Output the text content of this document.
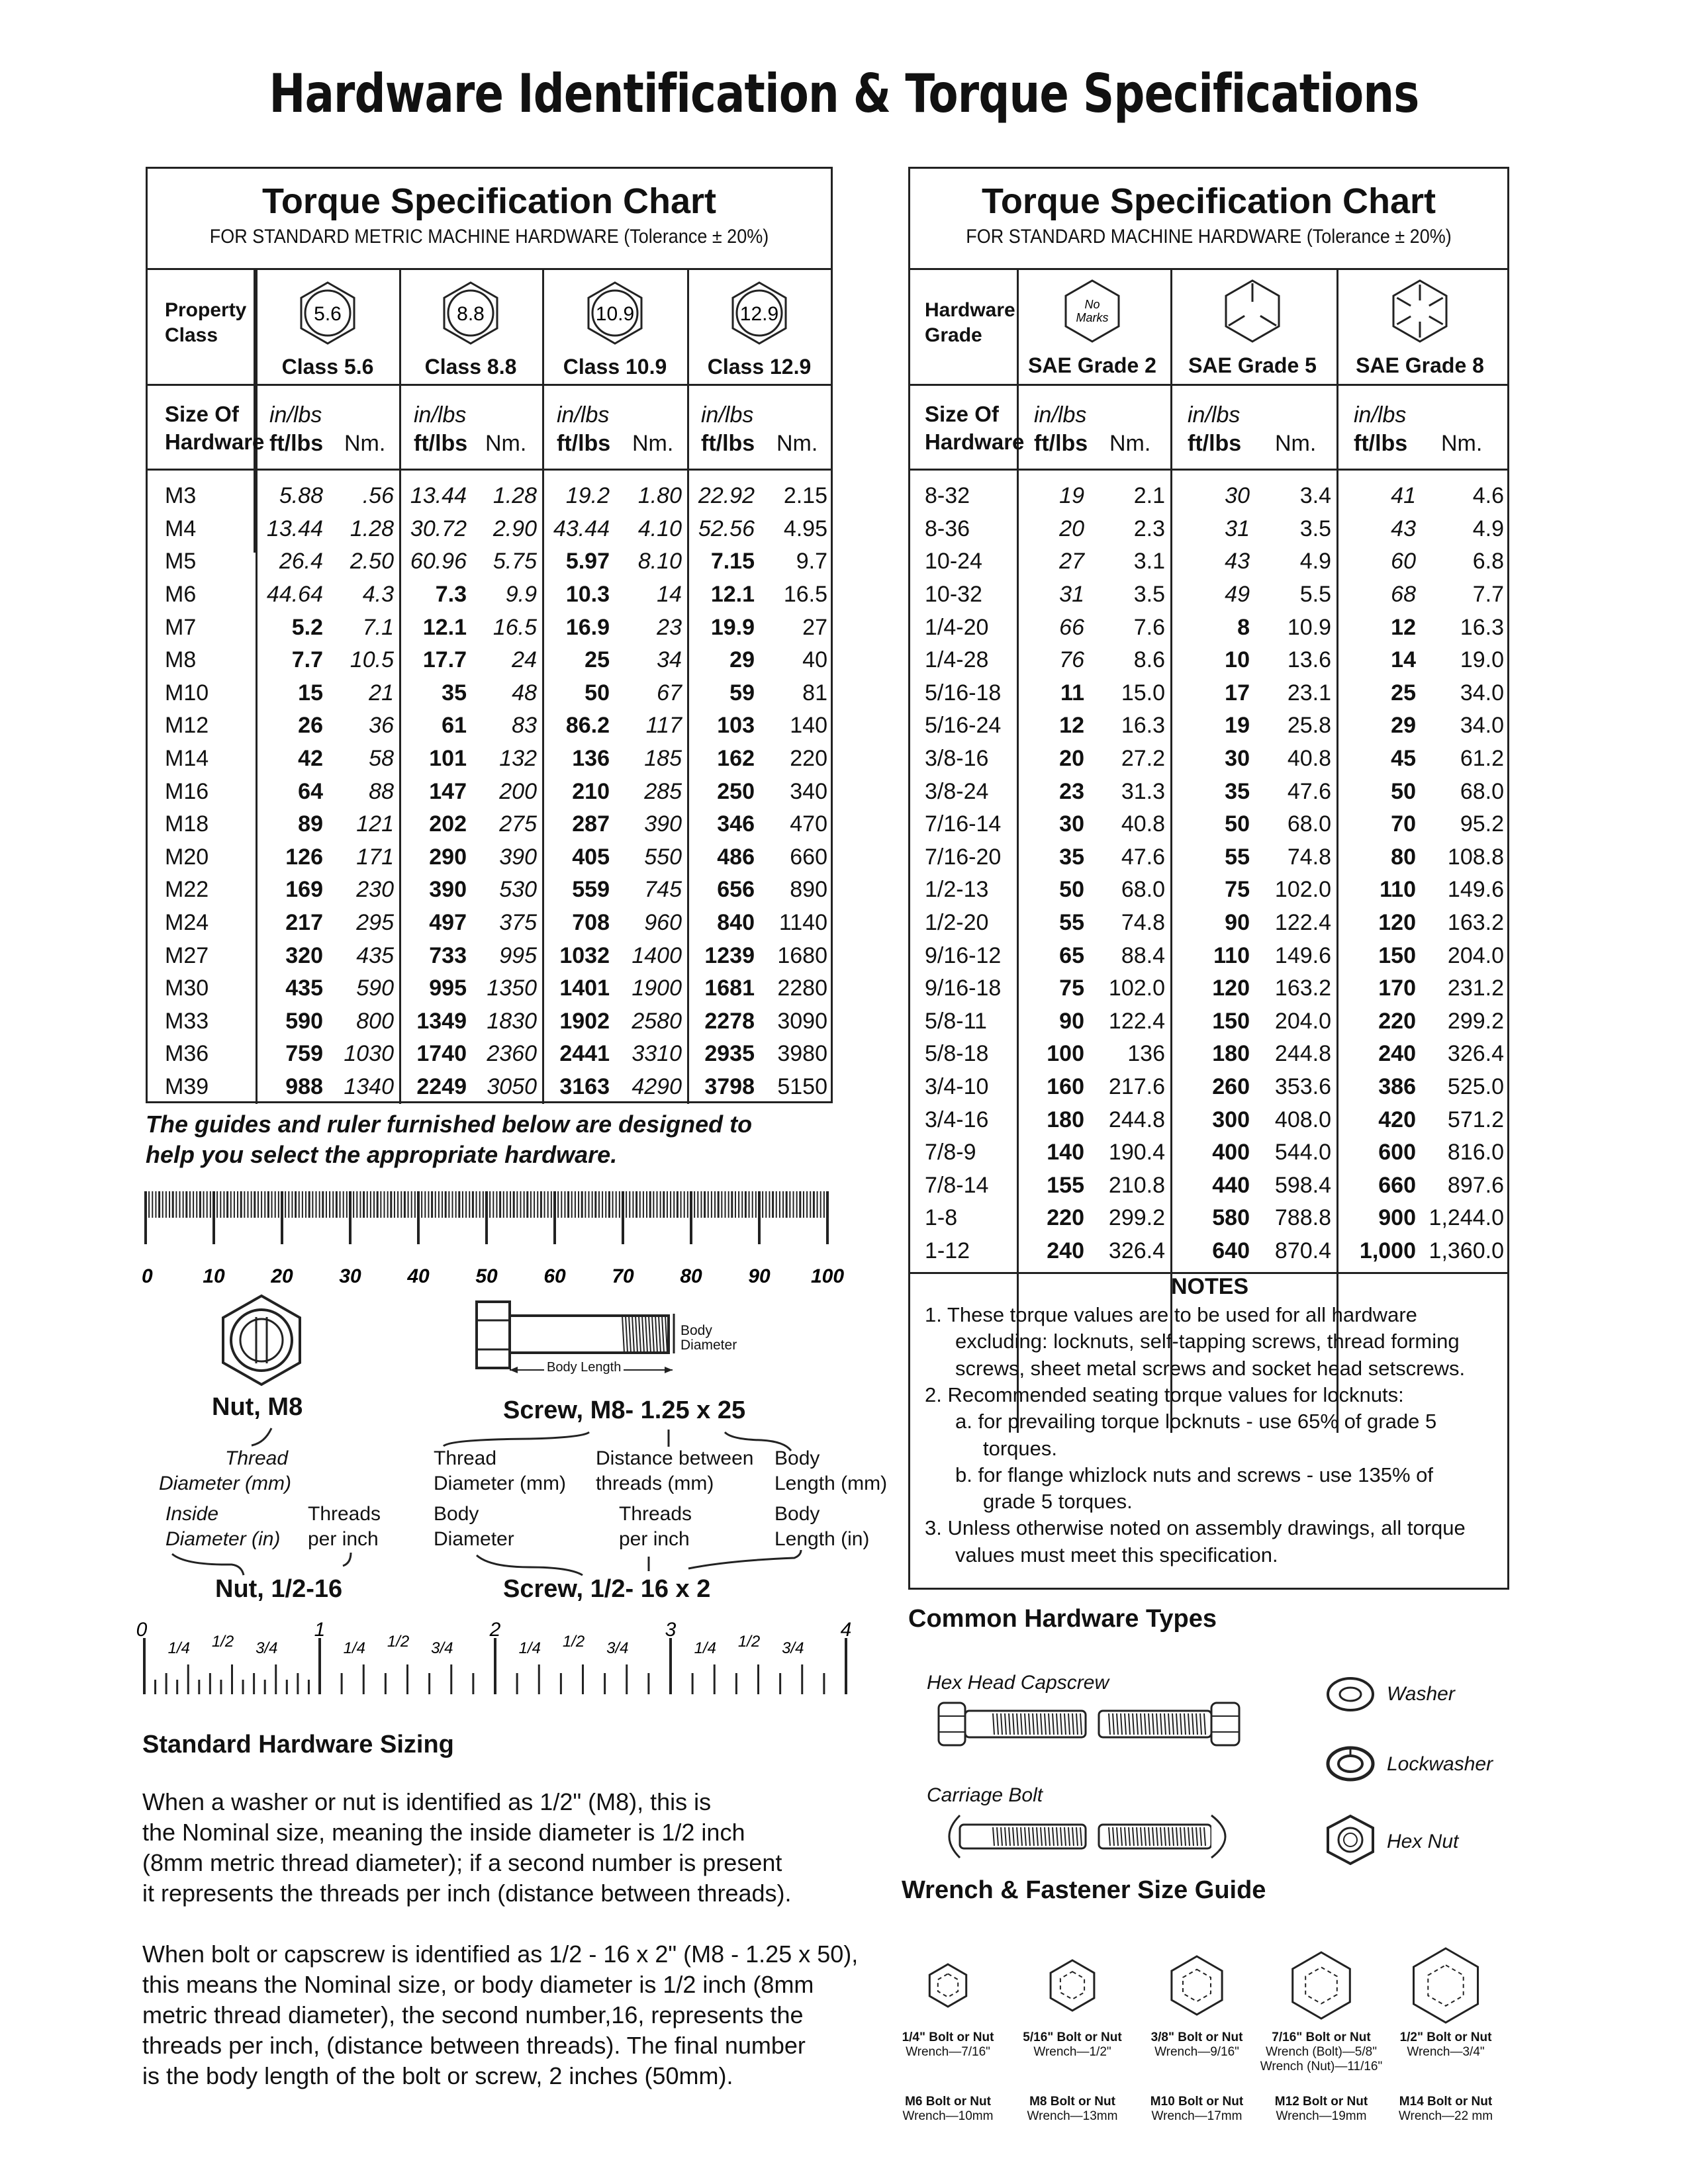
Hardware Identification & Torque Specifications
Torque Specification Chart
FOR STANDARD METRIC MACHINE HARDWARE (Tolerance ± 20%)
Property Class
5.6
Class 5.6
8.8
Class 8.8
10.9
Class 10.9
12.9
Class 12.9
Size Of Hardware
in/lbs
ft/lbs Nm.
in/lbs
ft/lbs Nm.
in/lbs
ft/lbs Nm.
in/lbs
ft/lbs Nm.
M3	5.88	.56	13.44	1.28	19.2	1.80	22.92	2.15
M4	13.44	1.28	30.72	2.90	43.44	4.10	52.56	4.95
M5	26.4	2.50	60.96	5.75	5.97	8.10	7.15	9.7
M6	44.64	4.3	7.3	9.9	10.3	14	12.1	16.5
M7	5.2	7.1	12.1	16.5	16.9	23	19.9	27
M8	7.7	10.5	17.7	24	25	34	29	40
M10	15	21	35	48	50	67	59	81
M12	26	36	61	83	86.2	117	103	140
M14	42	58	101	132	136	185	162	220
M16	64	88	147	200	210	285	250	340
M18	89	121	202	275	287	390	346	470
M20	126	171	290	390	405	550	486	660
M22	169	230	390	530	559	745	656	890
M24	217	295	497	375	708	960	840	1140
M27	320	435	733	995	1032	1400	1239	1680
M30	435	590	995	1350	1401	1900	1681	2280
M33	590	800	1349	1830	1902	2580	2278	3090
M36	759	1030	1740	2360	2441	3310	2935	3980
M39	988	1340	2249	3050	3163	4290	3798	5150
Torque Specification Chart
FOR STANDARD MACHINE HARDWARE (Tolerance ± 20%)
Hardware Grade
No
Marks
SAE Grade 2	SAE Grade 5	SAE Grade 8
Size Of Hardware
in/lbs
ft/lbs Nm.
in/lbs
ft/lbs Nm.
in/lbs
ft/lbs Nm.
8-32	19	2.1	30	3.4	41	4.6
8-36	20	2.3	31	3.5	43	4.9
10-24	27	3.1	43	4.9	60	6.8
10-32	31	3.5	49	5.5	68	7.7
1/4-20	66	7.6	8	10.9	12	16.3
1/4-28	76	8.6	10	13.6	14	19.0
5/16-18	11	15.0	17	23.1	25	34.0
5/16-24	12	16.3	19	25.8	29	34.0
3/8-16	20	27.2	30	40.8	45	61.2
3/8-24	23	31.3	35	47.6	50	68.0
7/16-14	30	40.8	50	68.0	70	95.2
7/16-20	35	47.6	55	74.8	80	108.8
1/2-13	50	68.0	75	102.0	110	149.6
1/2-20	55	74.8	90	122.4	120	163.2
9/16-12	65	88.4	110	149.6	150	204.0
9/16-18	75	102.0	120	163.2	170	231.2
5/8-11	90	122.4	150	204.0	220	299.2
5/8-18	100	136	180	244.8	240	326.4
3/4-10	160	217.6	260	353.6	386	525.0
3/4-16	180	244.8	300	408.0	420	571.2
7/8-9	140	190.4	400	544.0	600	816.0
7/8-14	155	210.8	440	598.4	660	897.6
1-8	220	299.2	580	788.8	900	1,244.0
1-12	240	326.4	640	870.4	1,000	1,360.0
NOTES
1. These torque values are to be used for all hardware
excluding: locknuts, self-tapping screws, thread forming
screws, sheet metal screws and socket head setscrews.
2. Recommended seating torque values for locknuts:
a. for prevailing torque locknuts - use 65% of grade 5
torques.
b. for flange whizlock nuts and screws - use 135% of
grade 5 torques.
3. Unless otherwise noted on assembly drawings, all torque
values must meet this specification.
The guides and ruler furnished below are designed to
help you select the appropriate hardware.
0	10 20 30 40 50 60 70 80 90 100
Nut, M8
Body Length
Body Diameter
Screw, M8- 1.25 x 25
Thread
Diameter (mm)
Thread
Diameter (mm)
Distance between
threads (mm)
Body
Length (mm)
Inside
Diameter (in)
Threads
per inch
Body
Diameter
Threads
per inch
Body
Length (in)
Nut, 1/2-16	Screw, 1/2- 16 x 2
0
1/4 1/2 3/4
1
1/4 1/2 3/4
2
1/4 1/2 3/4
3
1/4 1/2 3/4
4
Standard Hardware Sizing
When a washer or nut is identified as 1/2" (M8), this is
the Nominal size, meaning the inside diameter is 1/2 inch
(8mm metric thread diameter); if a second number is present
it represents the threads per inch (distance between threads).
When bolt or capscrew is identified as 1/2 - 16 x 2" (M8 - 1.25 x 50),
this means the Nominal size, or body diameter is 1/2 inch (8mm
metric thread diameter), the second number,16, represents the
threads per inch, (distance between threads). The final number
is the body length of the bolt or screw, 2 inches (50mm).
Common Hardware Types
Hex Head Capscrew
Carriage Bolt
Washer
Lockwasher
Hex Nut
Wrench & Fastener Size Guide
1/4" Bolt or Nut
Wrench—7/16"
M6 Bolt or Nut
Wrench—10mm
5/16" Bolt or Nut
Wrench—1/2"
M8 Bolt or Nut
Wrench—13mm
3/8" Bolt or Nut
Wrench—9/16"
M10 Bolt or Nut
Wrench—17mm
7/16" Bolt or Nut
Wrench (Bolt)—5/8"
Wrench (Nut)—11/16"
M12 Bolt or Nut
Wrench—19mm
1/2" Bolt or Nut
Wrench—3/4"
M14 Bolt or Nut
Wrench—22 mm
